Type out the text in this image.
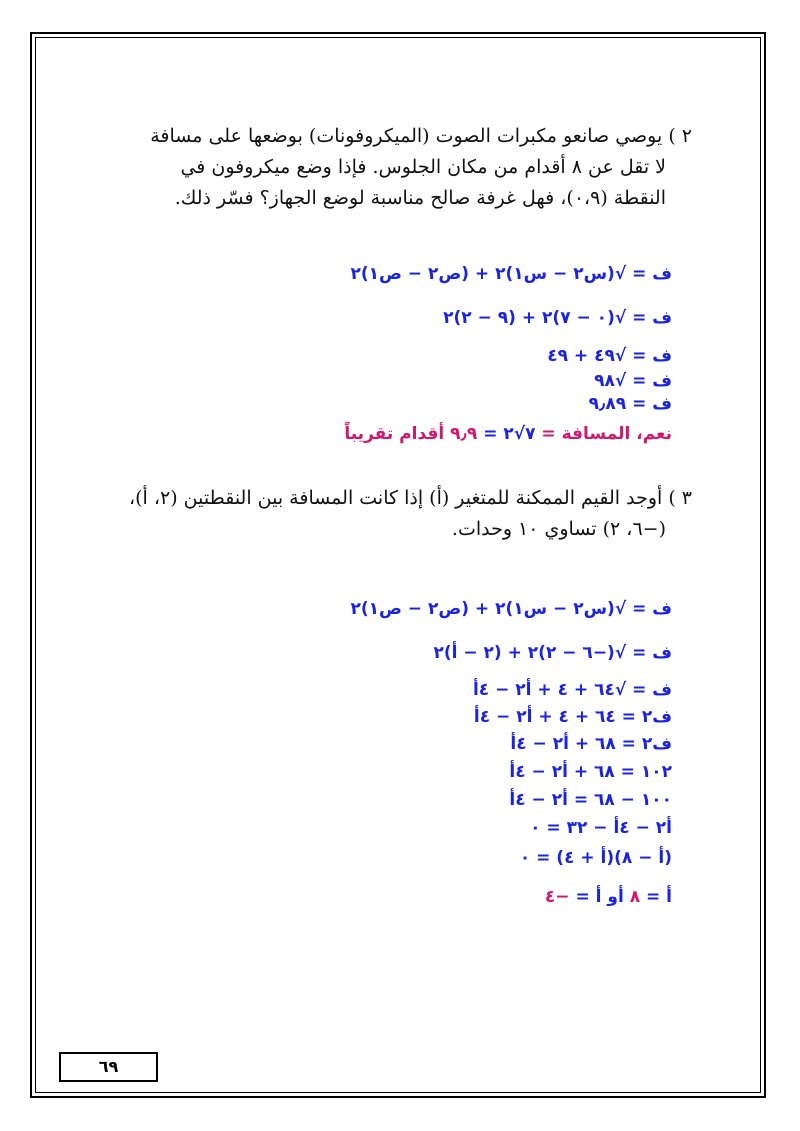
٢ ) يوصي صانعو مكبرات الصوت (الميكروفونات) بوضعها على مسافة

لا تقل عن ٨ أقدام من مكان الجلوس. فإذا وضع ميكروفون في

النقطة (٠،٩)، فهل غرفة صالح مناسبة لوضع الجهاز؟ فسّر ذلك.

ف = √(س٢ − س١)٢ + (ص٢ − ص١)٢
ف = √(٠ − ٧)٢ + (٩ − ٢)٢
ف = √٤٩ + ٤٩
ف = √٩٨
ف = ٩٫٨٩
نعم، المسافة = ٧√٢ = ٩٫٩ أقدام تقريباً

٣ ) أوجد القيم الممكنة للمتغير (أ) إذا كانت المسافة بين النقطتين (٢، أ)،

(−٦، ٢) تساوي ١٠ وحدات.

ف = √(س٢ − س١)٢ + (ص٢ − ص١)٢
ف = √(−٦ − ٢)٢ + (٢ − أ)٢
ف = √٦٤ + ٤ + أ٢ − ٤أ
ف٢ = ٦٤ + ٤ + أ٢ − ٤أ
ف٢ = ٦٨ + أ٢ − ٤أ
١٠٢ = ٦٨ + أ٢ − ٤أ
١٠٠ − ٦٨ = أ٢ − ٤أ
أ٢ − ٤أ − ٣٢ = ٠
(أ − ٨)(أ + ٤) = ٠
أ = ٨ أو أ = −٤
٦٩
